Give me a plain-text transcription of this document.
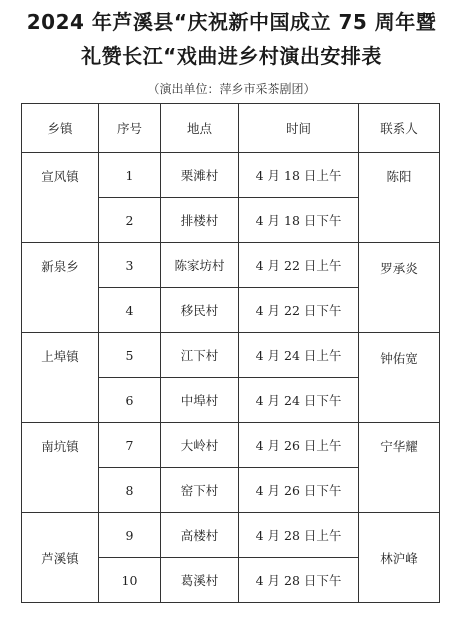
2024 年芦溪县“庆祝新中国成立 75 周年暨
礼赞长江“戏曲进乡村演出安排表
（演出单位：萍乡市采茶剧团）
乡镇	序号	地点	时间	联系人
宣风镇	1	栗滩村	4 月 18 日上午	陈阳
	2	排楼村	4 月 18 日下午	
新泉乡	3	陈家坊村	4 月 22 日上午	罗承炎
	4	移民村	4 月 22 日下午	
上埠镇	5	江下村	4 月 24 日上午	钟佑宽
	6	中埠村	4 月 24 日下午	
南坑镇	7	大岭村	4 月 26 日上午	宁华耀
	8	窑下村	4 月 26 日下午	
芦溪镇	9	高楼村	4 月 28 日上午	林沪峰
	10	葛溪村	4 月 28 日下午	
